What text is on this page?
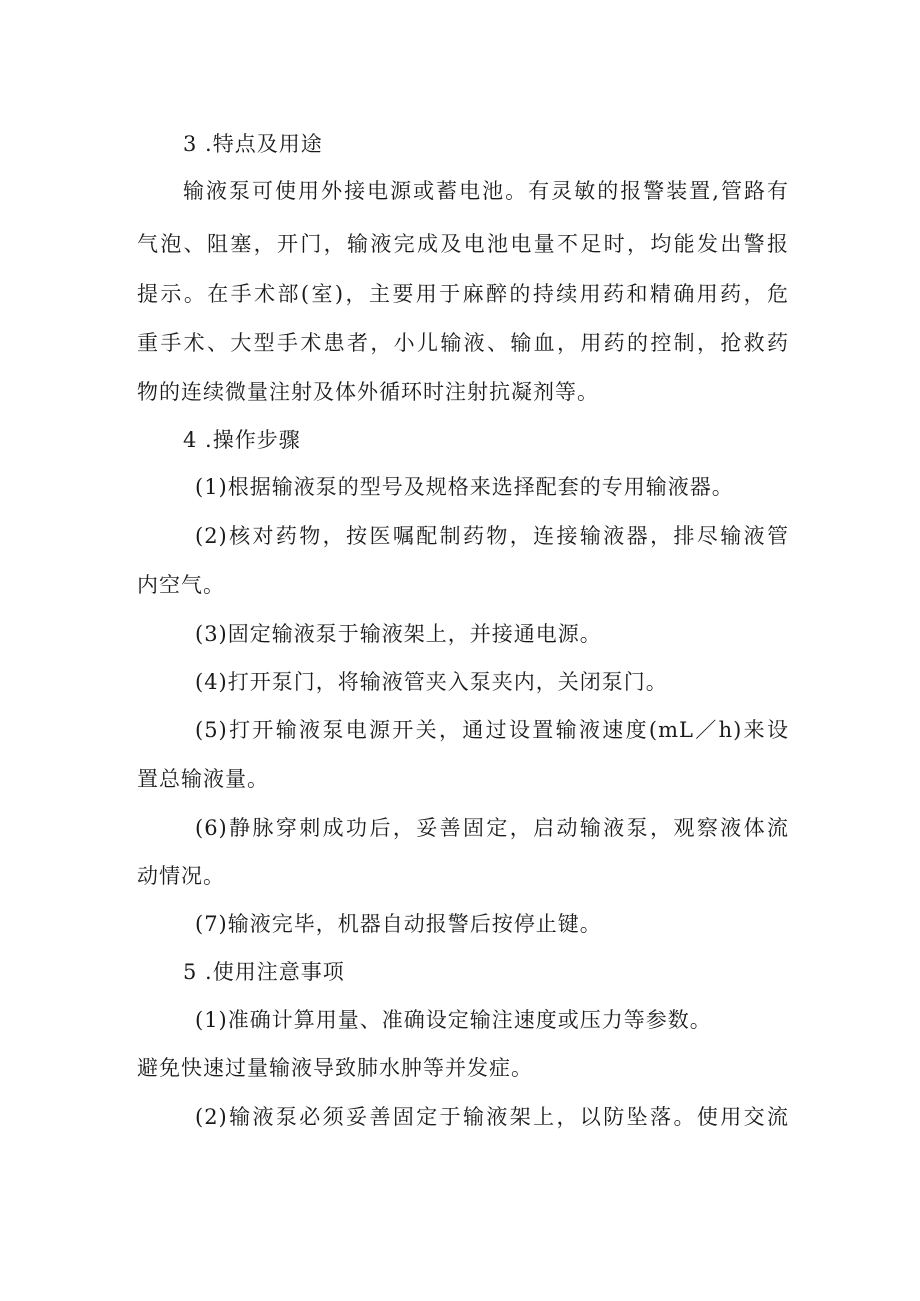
3 .特点及用途

输液泵可使用外接电源或蓄电池。有灵敏的报警装置,管路有

气泡、阻塞，开门，输液完成及电池电量不足时，均能发出警报

提示。在手术部(室)，主要用于麻醉的持续用药和精确用药，危

重手术、大型手术患者，小儿输液、输血，用药的控制，抢救药

物的连续微量注射及体外循环时注射抗凝剂等。

4 .操作步骤

(1)根据输液泵的型号及规格来选择配套的专用输液器。

(2)核对药物，按医嘱配制药物，连接输液器，排尽输液管

内空气。

(3)固定输液泵于输液架上，并接通电源。

(4)打开泵门，将输液管夹入泵夹内，关闭泵门。

(5)打开输液泵电源开关，通过设置输液速度(mL／h)来设

置总输液量。

(6)静脉穿刺成功后，妥善固定，启动输液泵，观察液体流

动情况。

(7)输液完毕，机器自动报警后按停止键。

5 .使用注意事项

(1)准确计算用量、准确设定输注速度或压力等参数。

避免快速过量输液导致肺水肿等并发症。

(2)输液泵必须妥善固定于输液架上，以防坠落。使用交流
